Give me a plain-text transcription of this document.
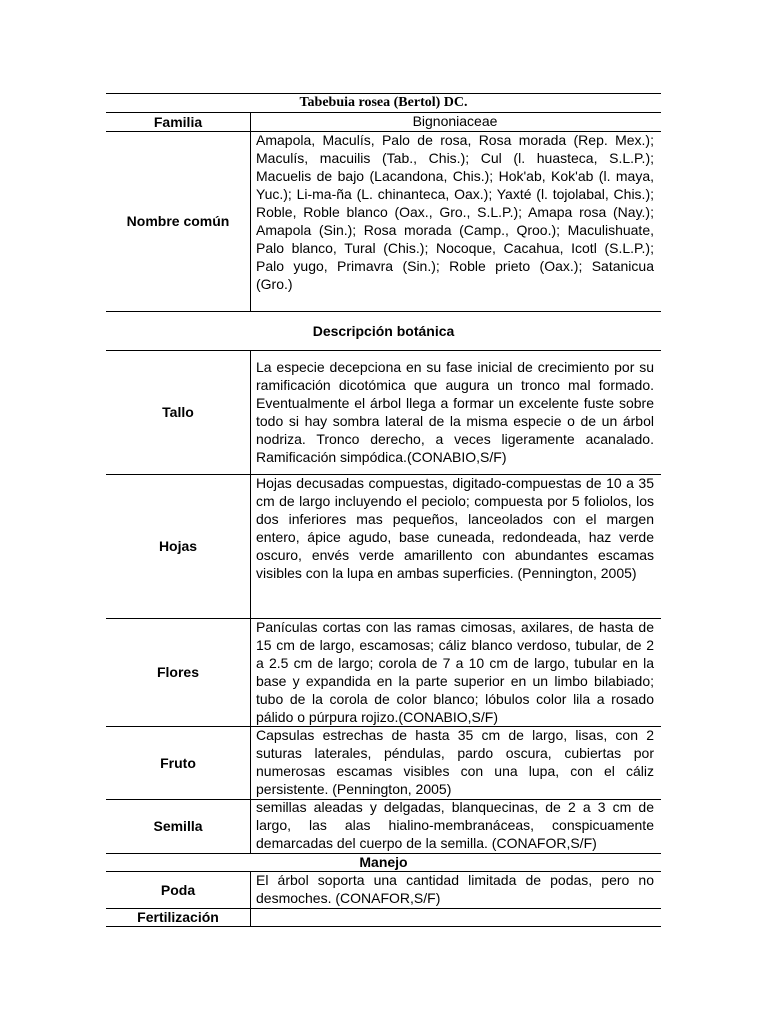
Tabebuia rosea (Bertol) DC.
Familia	Bignoniaceae
Nombre común
Amapola, Maculís, Palo de rosa, Rosa morada (Rep. Mex.); Maculís, macuilis (Tab., Chis.); Cul (l. huasteca, S.L.P.); Macuelis de bajo (Lacandona, Chis.); Hok'ab, Kok'ab (l. maya, Yuc.); Li-ma-ña (L. chinanteca, Oax.); Yaxté (l. tojolabal, Chis.); Roble, Roble blanco (Oax., Gro., S.L.P.); Amapa rosa (Nay.); Amapola (Sin.); Rosa morada (Camp., Qroo.); Maculishuate, Palo blanco, Tural (Chis.); Nocoque, Cacahua, Icotl (S.L.P.); Palo yugo, Primavra (Sin.); Roble prieto (Oax.); Satanicua (Gro.)
Descripción botánica
Tallo
La especie decepciona en su fase inicial de crecimiento por su ramificación dicotómica que augura un tronco mal formado. Eventualmente el árbol llega a formar un excelente fuste sobre todo si hay sombra lateral de la misma especie o de un árbol nodriza. Tronco derecho, a veces ligeramente acanalado. Ramificación simpódica.(CONABIO,S/F)
Hojas
Hojas decusadas compuestas, digitado-compuestas de 10 a 35 cm de largo incluyendo el peciolo; compuesta por 5 foliolos, los dos inferiores mas pequeños, lanceolados con el margen entero, ápice agudo, base cuneada, redondeada, haz verde oscuro, envés verde amarillento con abundantes escamas visibles con la lupa en ambas superficies. (Pennington, 2005)
Flores
Panículas cortas con las ramas cimosas, axilares, de hasta de 15 cm de largo, escamosas; cáliz blanco verdoso, tubular, de 2 a 2.5 cm de largo; corola de 7 a 10 cm de largo, tubular en la base y expandida en la parte superior en un limbo bilabiado; tubo de la corola de color blanco; lóbulos color lila a rosado pálido o púrpura rojizo.(CONABIO,S/F)
Fruto
Capsulas estrechas de hasta 35 cm de largo, lisas, con 2 suturas laterales, péndulas, pardo oscura, cubiertas por numerosas escamas visibles con una lupa, con el cáliz persistente. (Pennington, 2005)
Semilla
semillas aleadas y delgadas, blanquecinas, de 2 a 3 cm de largo, las alas hialino-membranáceas, conspicuamente demarcadas del cuerpo de la semilla. (CONAFOR,S/F)
Manejo
Poda
El árbol soporta una cantidad limitada de podas, pero no desmoches. (CONAFOR,S/F)
Fertilización
